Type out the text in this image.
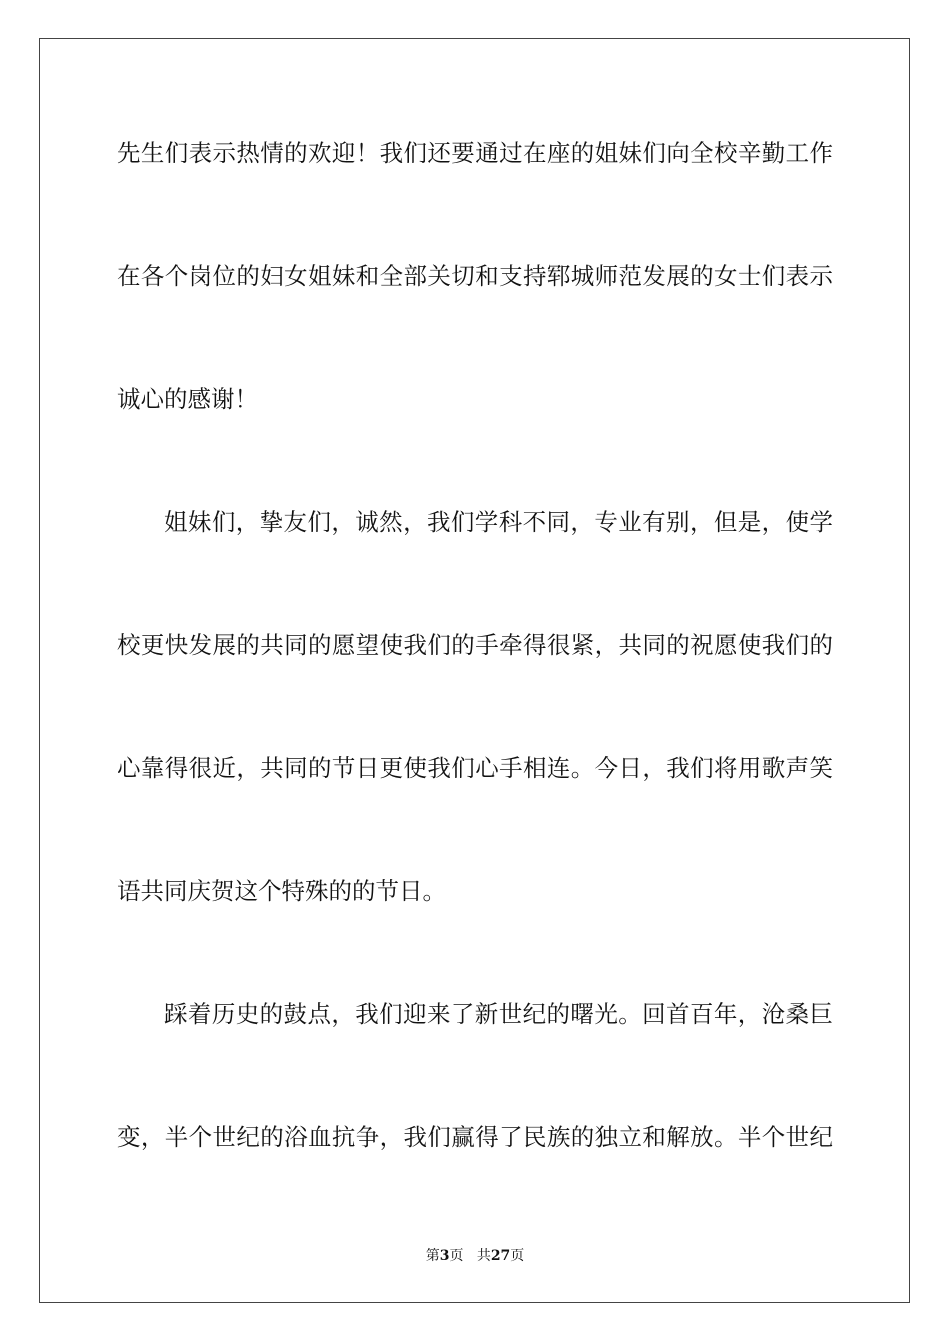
先生们表示热情的欢迎！我们还要通过在座的姐妹们向全校辛勤工作
在各个岗位的妇女姐妹和全部关切和支持郓城师范发展的女士们表示
诚心的感谢！
姐妹们，挚友们，诚然，我们学科不同，专业有别，但是，使学
校更快发展的共同的愿望使我们的手牵得很紧，共同的祝愿使我们的
心靠得很近，共同的节日更使我们心手相连。今日，我们将用歌声笑
语共同庆贺这个特殊的的节日。
踩着历史的鼓点，我们迎来了新世纪的曙光。回首百年，沧桑巨
变，半个世纪的浴血抗争，我们赢得了民族的独立和解放。半个世纪
第3页 共27页
